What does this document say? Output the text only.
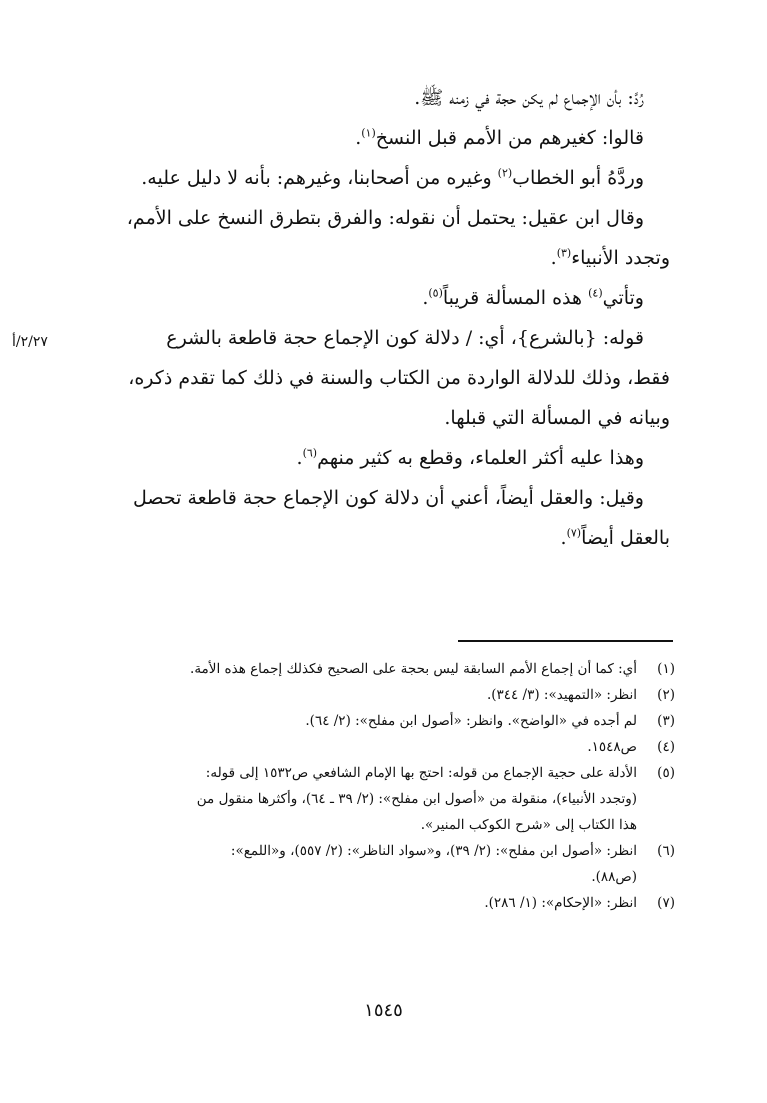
رُدَّ: بأن الإجماع لم يكن حجة في زمنه ﷺ.

قالوا: كغيرهم من الأمم قبل النسخ$^{(١)}$.

وردَّهُ أبو الخطاب$^{(٢)}$ وغيره من أصحابنا، وغيرهم: بأنه لا دليل عليه.

وقال ابن عقيل: يحتمل أن نقوله: والفرق بتطرق النسخ على الأمم،

وتجدد الأنبياء$^{(٣)}$.

وتأتي$^{(٤)}$ هذه المسألة قريباً$^{(٥)}$.

قوله: {بالشرع}، أي: / دلالة كون الإجماع حجة قاطعة بالشرع

فقط، وذلك للدلالة الواردة من الكتاب والسنة في ذلك كما تقدم ذكره،

وبيانه في المسألة التي قبلها.

وهذا عليه أكثر العلماء، وقطع به كثير منهم$^{(٦)}$.

وقيل: والعقل أيضاً، أعني أن دلالة كون الإجماع حجة قاطعة تحصل

بالعقل أيضاً$^{(٧)}$.

٢/٢٧/أ
(١)
أي: كما أن إجماع الأمم السابقة ليس بحجة على الصحيح فكذلك إجماع هذه الأمة.
(٢)
انظر: «التمهيد»: (٣/ ٣٤٤).
(٣)
لم أجده في «الواضح». وانظر: «أصول ابن مفلح»: (٢/ ٦٤).
(٤)
ص١٥٤٨.
(٥)
الأدلة على حجية الإجماع من قوله: احتج بها الإمام الشافعي ص١٥٣٢ إلى قوله:
(وتجدد الأنبياء)، منقولة من «أصول ابن مفلح»: (٢/ ٣٩ ـ ٦٤)، وأكثرها منقول من
هذا الكتاب إلى «شرح الكوكب المنير».
(٦)
انظر: «أصول ابن مفلح»: (٢/ ٣٩)، و«سواد الناظر»: (٢/ ٥٥٧)، و«اللمع»:
(ص٨٨).
(٧)
انظر: «الإحكام»: (١/ ٢٨٦).
١٥٤٥
